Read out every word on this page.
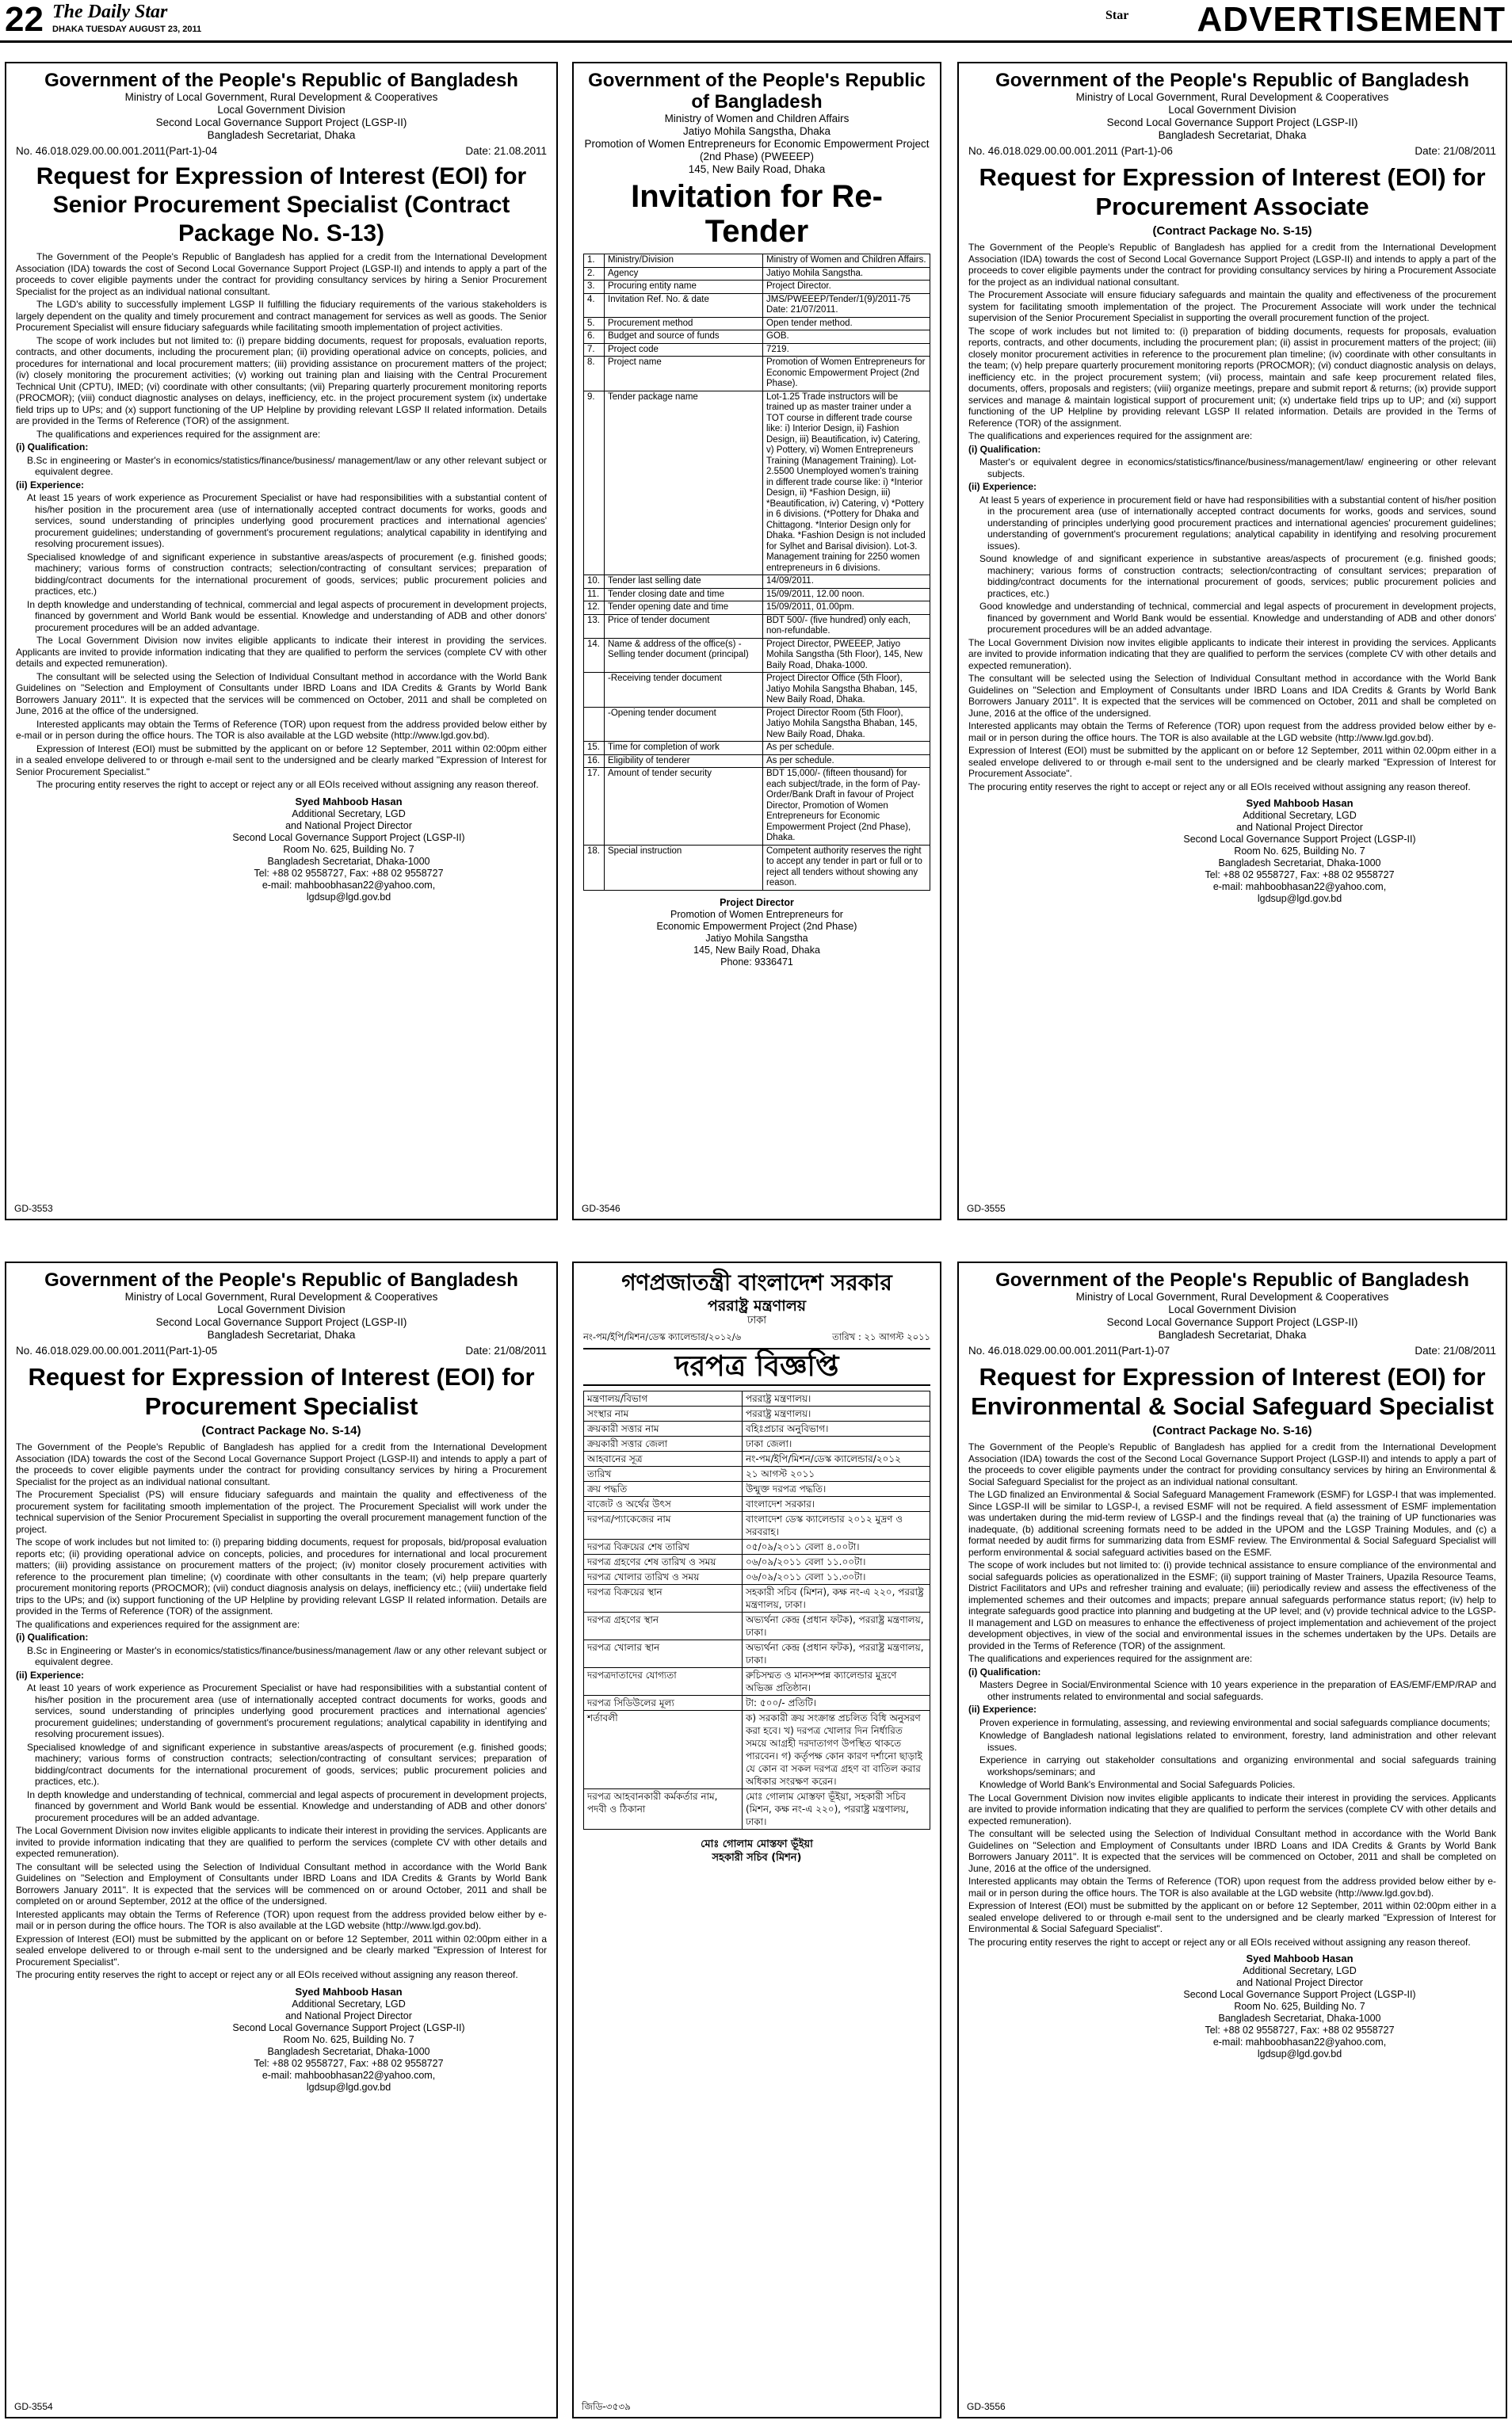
22 The Daily Star
DHAKA TUESDAY AUGUST 23, 2011
Star ADVERTISEMENT
Government of the People's Republic of Bangladesh
Ministry of Local Government, Rural Development & Cooperatives
Local Government Division
Second Local Governance Support Project (LGSP-II)
Bangladesh Secretariat, Dhaka
No. 46.018.029.00.00.001.2011(Part-1)-04	Date: 21.08.2011
Request for Expression of Interest (EOI) for Senior Procurement Specialist (Contract Package No. S-13)

The Government of the People's Republic of Bangladesh has applied for a credit from the International Development Association (IDA) towards the cost of Second Local Governance Support Project (LGSP-II) and intends to apply a part of the proceeds to cover eligible payments under the contract for providing consultancy services by hiring a Senior Procurement Specialist for the project as an individual national consultant.

The LGD's ability to successfully implement LGSP II fulfilling the fiduciary requirements of the various stakeholders is largely dependent on the quality and timely procurement and contract management for services as well as goods. The Senior Procurement Specialist will ensure fiduciary safeguards while facilitating smooth implementation of project activities.

The scope of work includes but not limited to: (i) prepare bidding documents, request for proposals, evaluation reports, contracts, and other documents, including the procurement plan; (ii) providing operational advice on concepts, policies, and procedures for international and local procurement matters; (iii) providing assistance on procurement matters of the project; (iv) closely monitoring the procurement activities; (v) working out training plan and liaising with the Central Procurement Technical Unit (CPTU), IMED; (vi) coordinate with other consultants; (vii) Preparing quarterly procurement monitoring reports (PROCMOR); (viii) conduct diagnostic analyses on delays, inefficiency, etc. in the project procurement system (ix) undertake field trips up to UPs; and (x) support functioning of the UP Helpline by providing relevant LGSP II related information. Details are provided in the Terms of Reference (TOR) of the assignment.

The qualifications and experiences required for the assignment are:

(i) Qualification:

B.Sc in engineering or Master's in economics/statistics/finance/business/ management/law or any other relevant subject or equivalent degree.

(ii) Experience:

At least 15 years of work experience as Procurement Specialist or have had responsibilities with a substantial content of his/her position in the procurement area (use of internationally accepted contract documents for works, goods and services, sound understanding of principles underlying good procurement practices and international agencies' procurement guidelines; understanding of government's procurement regulations; analytical capability in identifying and resolving procurement issues).

Specialised knowledge of and significant experience in substantive areas/aspects of procurement (e.g. finished goods; machinery; various forms of construction contracts; selection/contracting of consultant services; preparation of bidding/contract documents for the international procurement of goods, services; public procurement policies and practices, etc.)

In depth knowledge and understanding of technical, commercial and legal aspects of procurement in development projects, financed by government and World Bank would be essential. Knowledge and understanding of ADB and other donors' procurement procedures will be an added advantage.

The Local Government Division now invites eligible applicants to indicate their interest in providing the services. Applicants are invited to provide information indicating that they are qualified to perform the services (complete CV with other details and expected remuneration).

The consultant will be selected using the Selection of Individual Consultant method in accordance with the World Bank Guidelines on "Selection and Employment of Consultants under IBRD Loans and IDA Credits & Grants by World Bank Borrowers January 2011". It is expected that the services will be commenced on October, 2011 and shall be completed on June, 2016 at the office of the undersigned.

Interested applicants may obtain the Terms of Reference (TOR) upon request from the address provided below either by e-mail or in person during the office hours. The TOR is also available at the LGD website (http://www.lgd.gov.bd).

Expression of Interest (EOI) must be submitted by the applicant on or before 12 September, 2011 within 02:00pm either in a sealed envelope delivered to or through e-mail sent to the undersigned and be clearly marked "Expression of Interest for Senior Procurement Specialist."

The procuring entity reserves the right to accept or reject any or all EOIs received without assigning any reason thereof.

Syed Mahboob Hasan
Additional Secretary, LGD
and National Project Director
Second Local Governance Support Project (LGSP-II)
Room No. 625, Building No. 7
Bangladesh Secretariat, Dhaka-1000
Tel: +88 02 9558727, Fax: +88 02 9558727
e-mail: mahboobhasan22@yahoo.com,
lgdsup@lgd.gov.bd
GD-3553
Government of the People's Republic of Bangladesh
Ministry of Women and Children Affairs
Jatiyo Mohila Sangstha, Dhaka
Promotion of Women Entrepreneurs for Economic Empowerment Project (2nd Phase) (PWEEEP)
145, New Baily Road, Dhaka
Invitation for Re-Tender
1.	Ministry/Division	Ministry of Women and Children Affairs.
2.	Agency	Jatiyo Mohila Sangstha.
3.	Procuring entity name	Project Director.
4.	Invitation Ref. No. & date	JMS/PWEEEP/Tender/1(9)/2011-75 Date: 21/07/2011.
5.	Procurement method	Open tender method.
6.	Budget and source of funds	GOB.
7.	Project code	7219.
8.	Project name	Promotion of Women Entrepreneurs for Economic Empowerment Project (2nd Phase).
9.	Tender package name	Lot-1.25 Trade instructors will be trained up as master trainer under a TOT course in different trade course like: i) Interior Design, ii) Fashion Design, iii) Beautification, iv) Catering, v) Pottery, vi) Women Entrepreneurs Training (Management Training). Lot-2.5500 Unemployed women's training in different trade course like: i) *Interior Design, ii) *Fashion Design, iii) *Beautification, iv) Catering, v) *Pottery in 6 divisions. (*Pottery for Dhaka and Chittagong. *Interior Design only for Dhaka. *Fashion Design is not included for Sylhet and Barisal division). Lot-3. Management training for 2250 women entrepreneurs in 6 divisions.
10.	Tender last selling date	14/09/2011.
11.	Tender closing date and time	15/09/2011, 12.00 noon.
12.	Tender opening date and time	15/09/2011, 01.00pm.
13.	Price of tender document	BDT 500/- (five hundred) only each, non-refundable.
14.	Name & address of the office(s) -Selling tender document (principal)	Project Director, PWEEEP, Jatiyo Mohila Sangstha (5th Floor), 145, New Baily Road, Dhaka-1000.
	-Receiving tender document	Project Director Office (5th Floor), Jatiyo Mohila Sangstha Bhaban, 145, New Baily Road, Dhaka.
	-Opening tender document	Project Director Room (5th Floor), Jatiyo Mohila Sangstha Bhaban, 145, New Baily Road, Dhaka.
15.	Time for completion of work	As per schedule.
16.	Eligibility of tenderer	As per schedule.
17.	Amount of tender security	BDT 15,000/- (fifteen thousand) for each subject/trade, in the form of Pay-Order/Bank Draft in favour of Project Director, Promotion of Women Entrepreneurs for Economic Empowerment Project (2nd Phase), Dhaka.
18.	Special instruction	Competent authority reserves the right to accept any tender in part or full or to reject all tenders without showing any reason.
Project Director
Promotion of Women Entrepreneurs for
Economic Empowerment Project (2nd Phase)
Jatiyo Mohila Sangstha
145, New Baily Road, Dhaka
Phone: 9336471
GD-3546
Government of the People's Republic of Bangladesh
Ministry of Local Government, Rural Development & Cooperatives
Local Government Division
Second Local Governance Support Project (LGSP-II)
Bangladesh Secretariat, Dhaka
No. 46.018.029.00.00.001.2011 (Part-1)-06	Date: 21/08/2011
Request for Expression of Interest (EOI) for Procurement Associate
(Contract Package No. S-15)

The Government of the People's Republic of Bangladesh has applied for a credit from the International Development Association (IDA) towards the cost of Second Local Governance Support Project (LGSP-II) and intends to apply a part of the proceeds to cover eligible payments under the contract for providing consultancy services by hiring a Procurement Associate for the project as an individual national consultant.

The Procurement Associate will ensure fiduciary safeguards and maintain the quality and effectiveness of the procurement system for facilitating smooth implementation of the project. The Procurement Associate will work under the technical supervision of the Senior Procurement Specialist in supporting the overall procurement function of the project.

The scope of work includes but not limited to: (i) preparation of bidding documents, requests for proposals, evaluation reports, contracts, and other documents, including the procurement plan; (ii) assist in procurement matters of the project; (iii) closely monitor procurement activities in reference to the procurement plan timeline; (iv) coordinate with other consultants in the team; (v) help prepare quarterly procurement monitoring reports (PROCMOR); (vi) conduct diagnostic analysis on delays, inefficiency etc. in the project procurement system; (vii) process, maintain and safe keep procurement related files, documents, offers, proposals and registers; (viii) organize meetings, prepare and submit report & returns; (ix) provide support services and manage & maintain logistical support of procurement unit; (x) undertake field trips up to UP; and (xi) support functioning of the UP Helpline by providing relevant LGSP II related information. Details are provided in the Terms of Reference (TOR) of the assignment.

The qualifications and experiences required for the assignment are:

(i) Qualification:

Master's or equivalent degree in economics/statistics/finance/business/management/law/ engineering or other relevant subjects.

(ii) Experience:

At least 5 years of experience in procurement field or have had responsibilities with a substantial content of his/her position in the procurement area (use of internationally accepted contract documents for works, goods and services, sound understanding of principles underlying good procurement practices and international agencies' procurement guidelines; understanding of government's procurement regulations; analytical capability in identifying and resolving procurement issues).

Sound knowledge of and significant experience in substantive areas/aspects of procurement (e.g. finished goods; machinery; various forms of construction contracts; selection/contracting of consultant services; preparation of bidding/contract documents for the international procurement of goods, services; public procurement policies and practices, etc.)

Good knowledge and understanding of technical, commercial and legal aspects of procurement in development projects, financed by government and World Bank would be essential. Knowledge and understanding of ADB and other donors' procurement procedures will be an added advantage.

The Local Government Division now invites eligible applicants to indicate their interest in providing the services. Applicants are invited to provide information indicating that they are qualified to perform the services (complete CV with other details and expected remuneration).

The consultant will be selected using the Selection of Individual Consultant method in accordance with the World Bank Guidelines on "Selection and Employment of Consultants under IBRD Loans and IDA Credits & Grants by World Bank Borrowers January 2011". It is expected that the services will be commenced on October, 2011 and shall be completed on June, 2016 at the office of the undersigned.

Interested applicants may obtain the Terms of Reference (TOR) upon request from the address provided below either by e-mail or in person during the office hours. The TOR is also available at the LGD website (http://www.lgd.gov.bd).

Expression of Interest (EOI) must be submitted by the applicant on or before 12 September, 2011 within 02.00pm either in a sealed envelope delivered to or through e-mail sent to the undersigned and be clearly marked "Expression of Interest for Procurement Associate".

The procuring entity reserves the right to accept or reject any or all EOIs received without assigning any reason thereof.

Syed Mahboob Hasan
Additional Secretary, LGD
and National Project Director
Second Local Governance Support Project (LGSP-II)
Room No. 625, Building No. 7
Bangladesh Secretariat, Dhaka-1000
Tel: +88 02 9558727, Fax: +88 02 9558727
e-mail: mahboobhasan22@yahoo.com,
lgdsup@lgd.gov.bd
GD-3555
Government of the People's Republic of Bangladesh
Ministry of Local Government, Rural Development & Cooperatives
Local Government Division
Second Local Governance Support Project (LGSP-II)
Bangladesh Secretariat, Dhaka
No. 46.018.029.00.00.001.2011(Part-1)-05	Date: 21/08/2011
Request for Expression of Interest (EOI) for Procurement Specialist
(Contract Package No. S-14)

The Government of the People's Republic of Bangladesh has applied for a credit from the International Development Association (IDA) towards the cost of the Second Local Governance Support Project (LGSP-II) and intends to apply a part of the proceeds to cover eligible payments under the contract for providing consultancy services by hiring a Procurement Specialist for the project as an individual national consultant.

The Procurement Specialist (PS) will ensure fiduciary safeguards and maintain the quality and effectiveness of the procurement system for facilitating smooth implementation of the project. The Procurement Specialist will work under the technical supervision of the Senior Procurement Specialist in supporting the overall procurement management function of the project.

The scope of work includes but not limited to: (i) preparing bidding documents, request for proposals, bid/proposal evaluation reports etc; (ii) providing operational advice on concepts, policies, and procedures for international and local procurement matters; (iii) providing assistance on procurement matters of the project; (iv) monitor closely procurement activities with reference to the procurement plan timeline; (v) coordinate with other consultants in the team; (vi) help prepare quarterly procurement monitoring reports (PROCMOR); (vii) conduct diagnosis analysis on delays, inefficiency etc.; (viii) undertake field trips to the UPs; and (ix) support functioning of the UP Helpline by providing relevant LGSP II related information. Details are provided in the Terms of Reference (TOR) of the assignment.

The qualifications and experiences required for the assignment are:

(i) Qualification:

B.Sc in Engineering or Master's in economics/statistics/finance/business/management /law or any other relevant subject or equivalent degree.

(ii) Experience:

At least 10 years of work experience as Procurement Specialist or have had responsibilities with a substantial content of his/her position in the procurement area (use of internationally accepted contract documents for works, goods and services, sound understanding of principles underlying good procurement practices and international agencies' procurement guidelines; understanding of government's procurement regulations; analytical capability in identifying and resolving procurement issues).

Specialised knowledge of and significant experience in substantive areas/aspects of procurement (e.g. finished goods; machinery; various forms of construction contracts; selection/contracting of consultant services; preparation of bidding/contract documents for the international procurement of goods, services; public procurement policies and practices, etc.).

In depth knowledge and understanding of technical, commercial and legal aspects of procurement in development projects, financed by government and World Bank would be essential. Knowledge and understanding of ADB and other donors' procurement procedures will be an added advantage.

The Local Government Division now invites eligible applicants to indicate their interest in providing the services. Applicants are invited to provide information indicating that they are qualified to perform the services (complete CV with other details and expected remuneration).

The consultant will be selected using the Selection of Individual Consultant method in accordance with the World Bank Guidelines on "Selection and Employment of Consultants under IBRD Loans and IDA Credits & Grants by World Bank Borrowers January 2011". It is expected that the services will be commenced on or around October, 2011 and shall be completed on or around September, 2012 at the office of the undersigned.

Interested applicants may obtain the Terms of Reference (TOR) upon request from the address provided below either by e-mail or in person during the office hours. The TOR is also available at the LGD website (http://www.lgd.gov.bd).

Expression of Interest (EOI) must be submitted by the applicant on or before 12 September, 2011 within 02:00pm either in a sealed envelope delivered to or through e-mail sent to the undersigned and be clearly marked "Expression of Interest for Procurement Specialist".

The procuring entity reserves the right to accept or reject any or all EOIs received without assigning any reason thereof.

Syed Mahboob Hasan
Additional Secretary, LGD
and National Project Director
Second Local Governance Support Project (LGSP-II)
Room No. 625, Building No. 7
Bangladesh Secretariat, Dhaka-1000
Tel: +88 02 9558727, Fax: +88 02 9558727
e-mail: mahboobhasan22@yahoo.com,
lgdsup@lgd.gov.bd
GD-3554
গণপ্রজাতন্ত্রী বাংলাদেশ সরকার
পররাষ্ট্র মন্ত্রণালয়
ঢাকা
নং-পম/ইপি/মিশন/ডেস্ক ক্যালেন্ডার/২০১২/৬	তারিখ : ২১ আগস্ট ২০১১
দরপত্র বিজ্ঞপ্তি
মন্ত্রণালয়/বিভাগ	পররাষ্ট্র মন্ত্রণালয়।
সংস্থার নাম	পররাষ্ট্র মন্ত্রণালয়।
ক্রয়কারী সত্তার নাম	বহিঃপ্রচার অনুবিভাগ।
ক্রয়কারী সত্তার জেলা	ঢাকা জেলা।
আহবানের সূত্র	নং-পম/ইপি/মিশন/ডেস্ক ক্যালেন্ডার/২০১২
তারিখ	২১ আগস্ট ২০১১
ক্রয় পদ্ধতি	উন্মুক্ত দরপত্র পদ্ধতি।
বাজেট ও অর্থের উৎস	বাংলাদেশ সরকার।
দরপত্র/প্যাকেজের নাম	বাংলাদেশ ডেস্ক ক্যালেন্ডার ২০১২ মুদ্রণ ও সরবরাহ।
দরপত্র বিক্রয়ের শেষ তারিখ	০৫/০৯/২০১১ বেলা ৪.০০টা।
দরপত্র গ্রহণের শেষ তারিখ ও সময়	০৬/০৯/২০১১ বেলা ১১.০০টা।
দরপত্র খোলার তারিখ ও সময়	০৬/০৯/২০১১ বেলা ১১.৩০টা।
দরপত্র বিক্রয়ের স্থান	সহকারী সচিব (মিশন), কক্ষ নং-এ ২২০, পররাষ্ট্র মন্ত্রণালয়, ঢাকা।
দরপত্র গ্রহণের স্থান	অভ্যর্থনা কেন্দ্র (প্রধান ফটক), পররাষ্ট্র মন্ত্রণালয়, ঢাকা।
দরপত্র খোলার স্থান	অভ্যর্থনা কেন্দ্র (প্রধান ফটক), পররাষ্ট্র মন্ত্রণালয়, ঢাকা।
দরপত্রদাতাদের যোগ্যতা	রুচিসম্মত ও মানসম্পন্ন ক্যালেন্ডার মুদ্রণে অভিজ্ঞ প্রতিষ্ঠান।
দরপত্র সিডিউলের মূল্য	টা: ৫০০/- প্রতিটি।
শর্তাবলী	ক) সরকারী ক্রয় সংক্রান্ত প্রচলিত বিধি অনুসরণ করা হবে। খ) দরপত্র খোলার দিন নির্ধারিত সময়ে আগ্রহী দরদাতাগণ উপস্থিত থাকতে পারবেন। গ) কর্তৃপক্ষ কোন কারণ দর্শানো ছাড়াই যে কোন বা সকল দরপত্র গ্রহণ বা বাতিল করার অধিকার সংরক্ষণ করেন।
দরপত্র আহবানকারী কর্মকর্তার নাম, পদবী ও ঠিকানা	মোঃ গোলাম মোস্তফা ভূঁইয়া, সহকারী সচিব (মিশন, কক্ষ নং-এ ২২০), পররাষ্ট্র মন্ত্রণালয়, ঢাকা।
মোঃ গোলাম মোস্তফা ভূঁইয়া
সহকারী সচিব (মিশন)
জিডি-৩৫৩৯
Government of the People's Republic of Bangladesh
Ministry of Local Government, Rural Development & Cooperatives
Local Government Division
Second Local Governance Support Project (LGSP-II)
Bangladesh Secretariat, Dhaka
No. 46.018.029.00.00.001.2011(Part-1)-07	Date: 21/08/2011
Request for Expression of Interest (EOI) for Environmental & Social Safeguard Specialist
(Contract Package No. S-16)

The Government of the People's Republic of Bangladesh has applied for a credit from the International Development Association (IDA) towards the cost of the Second Local Governance Support Project (LGSP-II) and intends to apply a part of the proceeds to cover eligible payments under the contract for providing consultancy services by hiring an Environmental & Social Safeguard Specialist for the project as an individual national consultant.

The LGD finalized an Environmental & Social Safeguard Management Framework (ESMF) for LGSP-I that was implemented. Since LGSP-II will be similar to LGSP-I, a revised ESMF will not be required. A field assessment of ESMF implementation was undertaken during the mid-term review of LGSP-I and the findings reveal that (a) the training of UP functionaries was inadequate, (b) additional screening formats need to be added in the UPOM and the LGSP Training Modules, and (c) a format needed by audit firms for summarizing data from ESMF review. The Environmental & Social Safeguard Specialist will perform environmental & social safeguard activities based on the ESMF.

The scope of work includes but not limited to: (i) provide technical assistance to ensure compliance of the environmental and social safeguards policies as operationalized in the ESMF; (ii) support training of Master Trainers, Upazila Resource Teams, District Facilitators and UPs and refresher training and evaluate; (iii) periodically review and assess the effectiveness of the implemented schemes and their outcomes and impacts; prepare annual safeguards performance status report; (iv) help to integrate safeguards good practice into planning and budgeting at the UP level; and (v) provide technical advice to the LGSP-II management and LGD on measures to enhance the effectiveness of project implementation and achievement of the project development objectives, in view of the social and environmental issues in the schemes undertaken by the UPs. Details are provided in the Terms of Reference (TOR) of the assignment.

The qualifications and experiences required for the assignment are:

(i) Qualification:

Masters Degree in Social/Environmental Science with 10 years experience in the preparation of EAS/EMF/EMP/RAP and other instruments related to environmental and social safeguards.

(ii) Experience:

Proven experience in formulating, assessing, and reviewing environmental and social safeguards compliance documents;

Knowledge of Bangladesh national legislations related to environment, forestry, land administration and other relevant issues.

Experience in carrying out stakeholder consultations and organizing environmental and social safeguards training workshops/seminars; and

Knowledge of World Bank's Environmental and Social Safeguards Policies.

The Local Government Division now invites eligible applicants to indicate their interest in providing the services. Applicants are invited to provide information indicating that they are qualified to perform the services (complete CV with other details and expected remuneration).

The consultant will be selected using the Selection of Individual Consultant method in accordance with the World Bank Guidelines on "Selection and Employment of Consultants under IBRD Loans and IDA Credits & Grants by World Bank Borrowers January 2011". It is expected that the services will be commenced on October, 2011 and shall be completed on June, 2016 at the office of the undersigned.

Interested applicants may obtain the Terms of Reference (TOR) upon request from the address provided below either by e-mail or in person during the office hours. The TOR is also available at the LGD website (http://www.lgd.gov.bd).

Expression of Interest (EOI) must be submitted by the applicant on or before 12 September, 2011 within 02:00pm either in a sealed envelope delivered to or through e-mail sent to the undersigned and be clearly marked "Expression of Interest for Environmental & Social Safeguard Specialist".

The procuring entity reserves the right to accept or reject any or all EOIs received without assigning any reason thereof.

Syed Mahboob Hasan
Additional Secretary, LGD
and National Project Director
Second Local Governance Support Project (LGSP-II)
Room No. 625, Building No. 7
Bangladesh Secretariat, Dhaka-1000
Tel: +88 02 9558727, Fax: +88 02 9558727
e-mail: mahboobhasan22@yahoo.com,
lgdsup@lgd.gov.bd
GD-3556
